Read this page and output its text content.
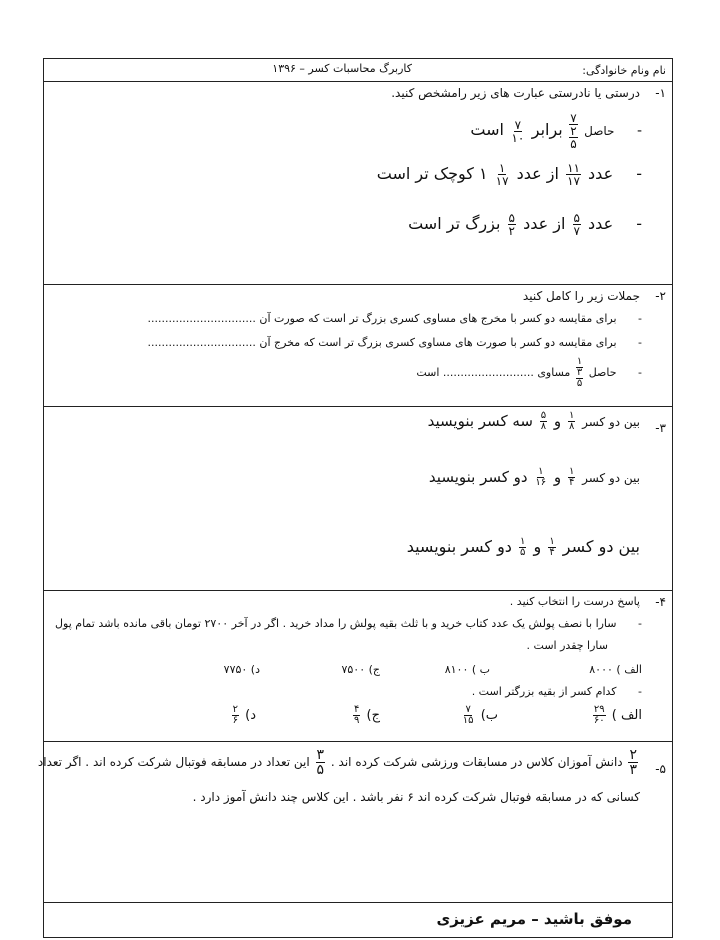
نام ونام خانوادگی:
کاربرگ محاسبات کسر – ۱۳۹۶
۱-
درستی یا نادرستی عبارت های زیر رامشخص کنید.
- حاصل
۷
۲
۵
برابر
$\frac{۷}{۱۰}$
است
- عدد
$\frac{۱۱}{۱۷}$
از عدد
$\frac{۱}{۱۷}$
۱ کوچک تر است
- عدد
$\frac{۵}{۷}$
از عدد
$\frac{۵}{۲}$
بزرگ تر است
۲-
جملات زیر را کامل کنید
- برای مقایسه دو کسر با مخرج های مساوی کسری بزرگ تر است که صورت آن ...............................
- برای مقایسه دو کسر با صورت های مساوی کسری بزرگ تر است که مخرج آن ...............................
- حاصل
۱
۳
۵
مساوی .......................... است
۳-
بین دو کسر
$\frac{۱}{۸}$
و
$\frac{۵}{۸}$
سه کسر بنویسید
بین دو کسر
$\frac{۱}{۴}$
و
$\frac{۱}{۱۶}$
دو کسر بنویسید
بین دو کسر
$\frac{۱}{۴}$
و
$\frac{۱}{۵}$
دو کسر بنویسید
۴-
پاسخ درست را انتخاب کنید .
- سارا با نصف پولش یک عدد کتاب خرید و با ثلث بقیه پولش را مداد خرید . اگر در آخر ۲۷۰۰ تومان باقی مانده باشد تمام پول
سارا چقدر است .
الف ) ۸۰۰۰
ب ) ۸۱۰۰
ج) ۷۵۰۰
د) ۷۷۵۰
- کدام کسر از بقیه بزرگتر است .
الف )
$\frac{۲۹}{۶۰}$
ب)
$\frac{۷}{۱۵}$
ج)
$\frac{۴}{۹}$
د)
$\frac{۲}{۶}$
۵-
$\frac{۲}{۳}$
دانش آموزان کلاس در مسابقات ورزشی شرکت کرده اند .
$\frac{۳}{۵}$
این تعداد در مسابقه فوتبال شرکت کرده اند . اگر تعداد
کسانی که در مسابقه فوتبال شرکت کرده اند ۶ نفر باشد . این کلاس چند دانش آموز دارد .
موفق باشید – مریم عزیزی
